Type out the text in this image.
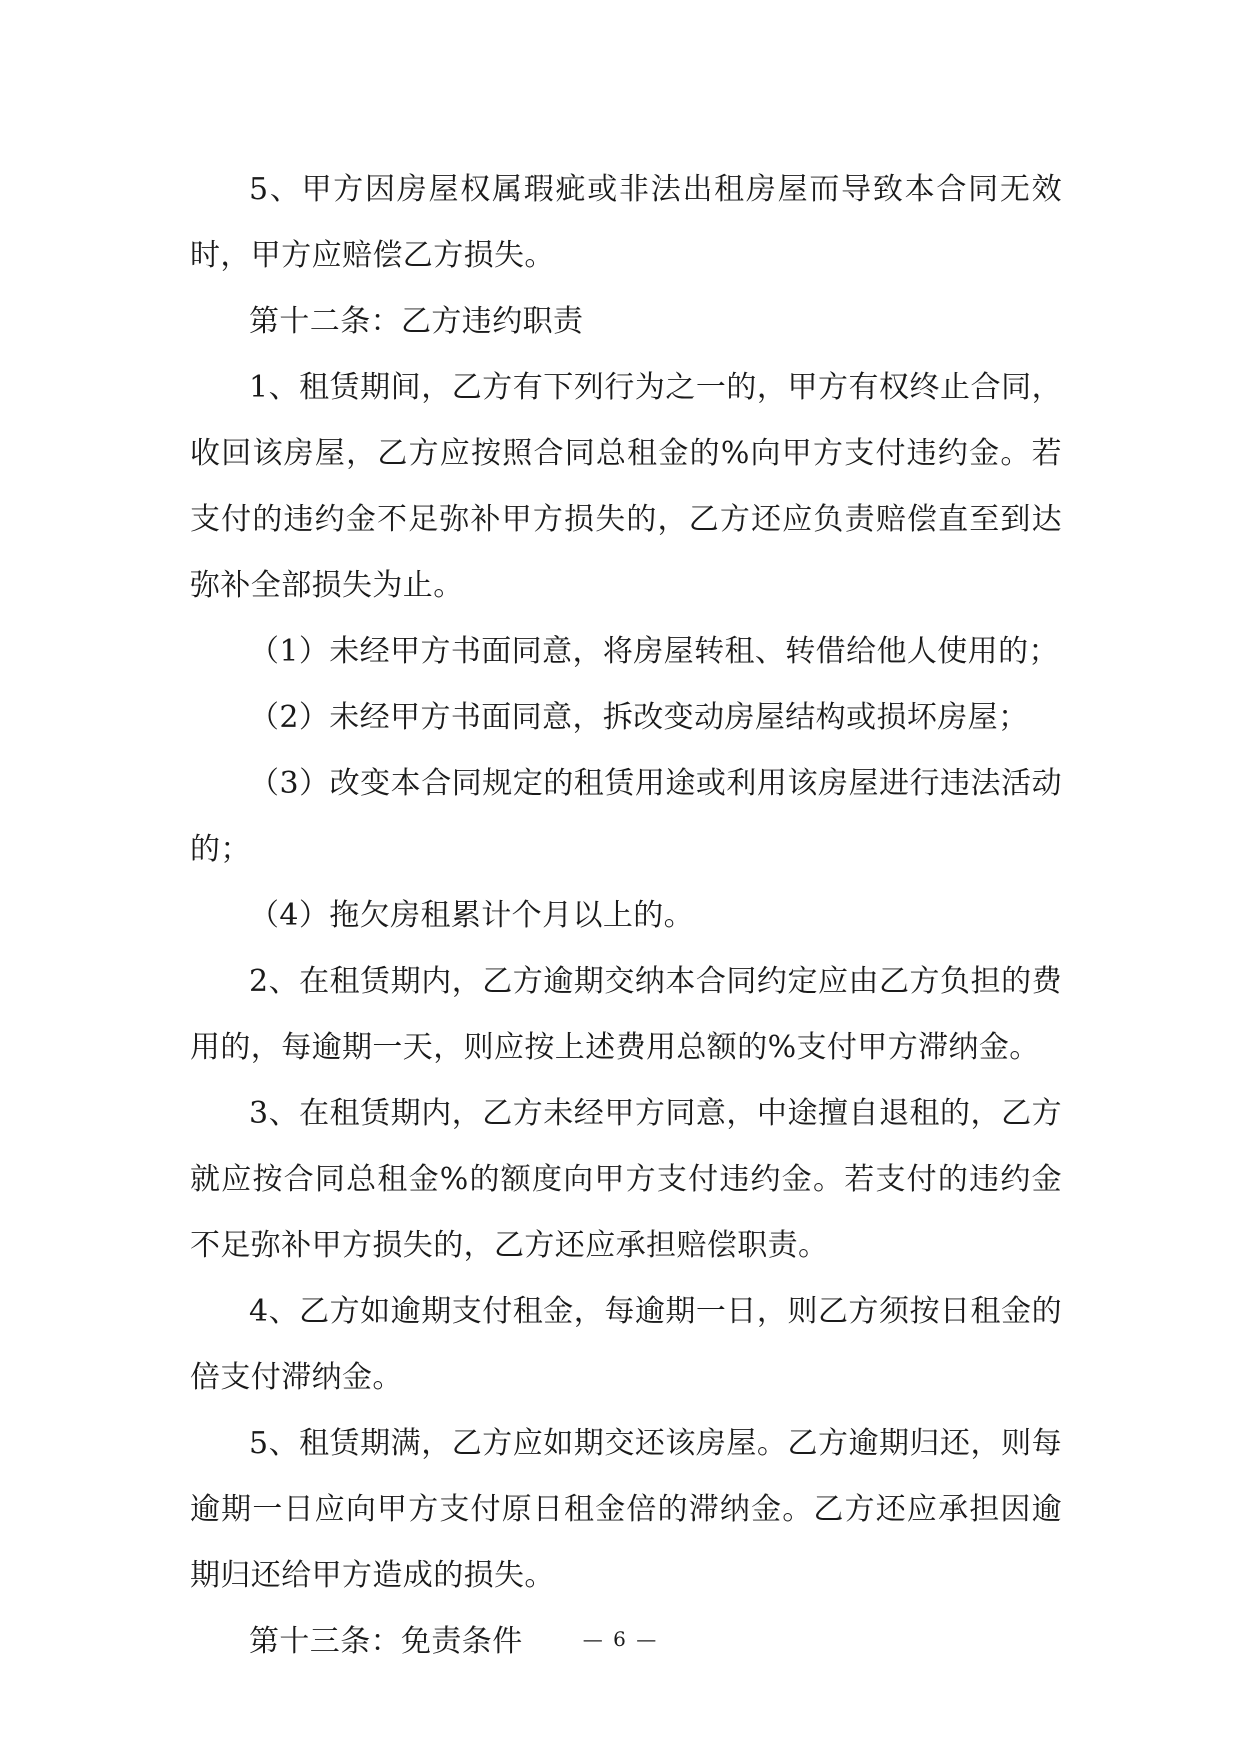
5、甲方因房屋权属瑕疵或非法出租房屋而导致本合同无效时，甲方应赔偿乙方损失。

第十二条：乙方违约职责

1、租赁期间，乙方有下列行为之一的，甲方有权终止合同，收回该房屋，乙方应按照合同总租金的%向甲方支付违约金。若支付的违约金不足弥补甲方损失的，乙方还应负责赔偿直至到达弥补全部损失为止。

（1）未经甲方书面同意，将房屋转租、转借给他人使用的；

（2）未经甲方书面同意，拆改变动房屋结构或损坏房屋；

（3）改变本合同规定的租赁用途或利用该房屋进行违法活动的；

（4）拖欠房租累计个月以上的。

2、在租赁期内，乙方逾期交纳本合同约定应由乙方负担的费用的，每逾期一天，则应按上述费用总额的%支付甲方滞纳金。

3、在租赁期内，乙方未经甲方同意，中途擅自退租的，乙方就应按合同总租金%的额度向甲方支付违约金。若支付的违约金不足弥补甲方损失的，乙方还应承担赔偿职责。

4、乙方如逾期支付租金，每逾期一日，则乙方须按日租金的倍支付滞纳金。

5、租赁期满，乙方应如期交还该房屋。乙方逾期归还，则每逾期一日应向甲方支付原日租金倍的滞纳金。乙方还应承担因逾期归还给甲方造成的损失。

第十三条：免责条件	— 6 —
